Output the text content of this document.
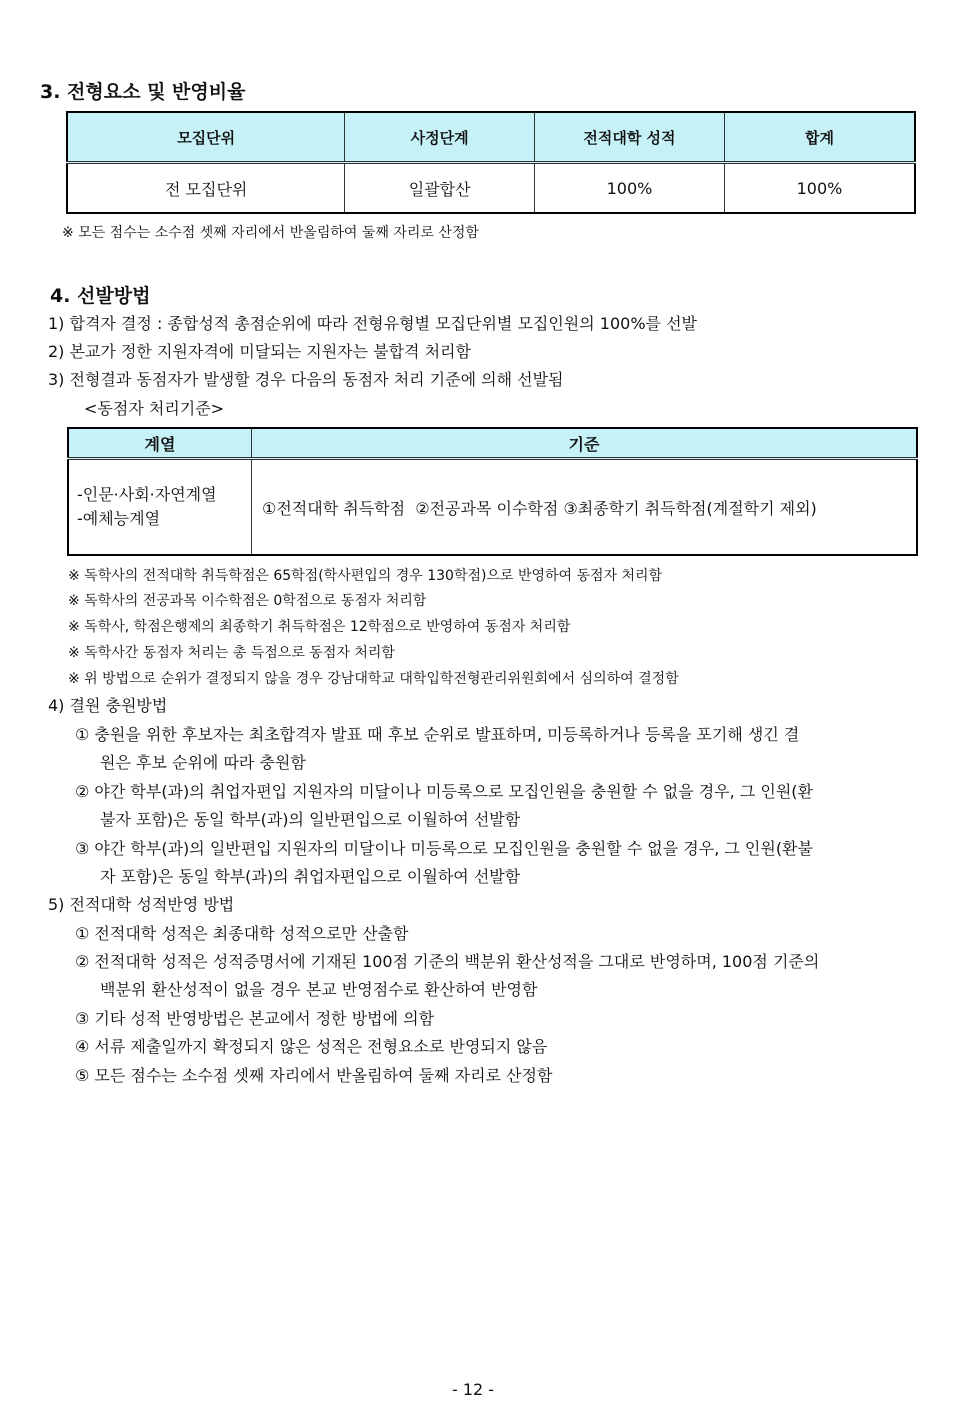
3. 전형요소 및 반영비율
모집단위	사정단계	전적대학 성적	합계
전 모집단위	일괄합산	100%	100%
※ 모든 점수는 소수점 셋째 자리에서 반올림하여 둘째 자리로 산정함
4. 선발방법
1) 합격자 결정 : 종합성적 총점순위에 따라 전형유형별 모집단위별 모집인원의 100%를 선발
2) 본교가 정한 지원자격에 미달되는 지원자는 불합격 처리함
3) 전형결과 동점자가 발생할 경우 다음의 동점자 처리 기준에 의해 선발됨
<동점자 처리기준>
계열	기준

-인문·사회·자연계열
-예체능계열	①전적대학 취득학점  ②전공과목 이수학점 ③최종학기 취득학점(계절학기 제외)
※ 독학사의 전적대학 취득학점은 65학점(학사편입의 경우 130학점)으로 반영하여 동점자 처리함
※ 독학사의 전공과목 이수학점은 0학점으로 동점자 처리함
※ 독학사, 학점은행제의 최종학기 취득학점은 12학점으로 반영하여 동점자 처리함
※ 독학사간 동점자 처리는 총 득점으로 동점자 처리함
※ 위 방법으로 순위가 결정되지 않을 경우 강남대학교 대학입학전형관리위원회에서 심의하여 결정함
4) 결원 충원방법
① 충원을 위한 후보자는 최초합격자 발표 때 후보 순위로 발표하며, 미등록하거나 등록을 포기해 생긴 결
원은 후보 순위에 따라 충원함
② 야간 학부(과)의 취업자편입 지원자의 미달이나 미등록으로 모집인원을 충원할 수 없을 경우, 그 인원(환
불자 포함)은 동일 학부(과)의 일반편입으로 이월하여 선발함
③ 야간 학부(과)의 일반편입 지원자의 미달이나 미등록으로 모집인원을 충원할 수 없을 경우, 그 인원(환불
자 포함)은 동일 학부(과)의 취업자편입으로 이월하여 선발함
5) 전적대학 성적반영 방법
① 전적대학 성적은 최종대학 성적으로만 산출함
② 전적대학 성적은 성적증명서에 기재된 100점 기준의 백분위 환산성적을 그대로 반영하며, 100점 기준의
백분위 환산성적이 없을 경우 본교 반영점수로 환산하여 반영함
③ 기타 성적 반영방법은 본교에서 정한 방법에 의함
④ 서류 제출일까지 확정되지 않은 성적은 전형요소로 반영되지 않음
⑤ 모든 점수는 소수점 셋째 자리에서 반올림하여 둘째 자리로 산정함
- 12 -
